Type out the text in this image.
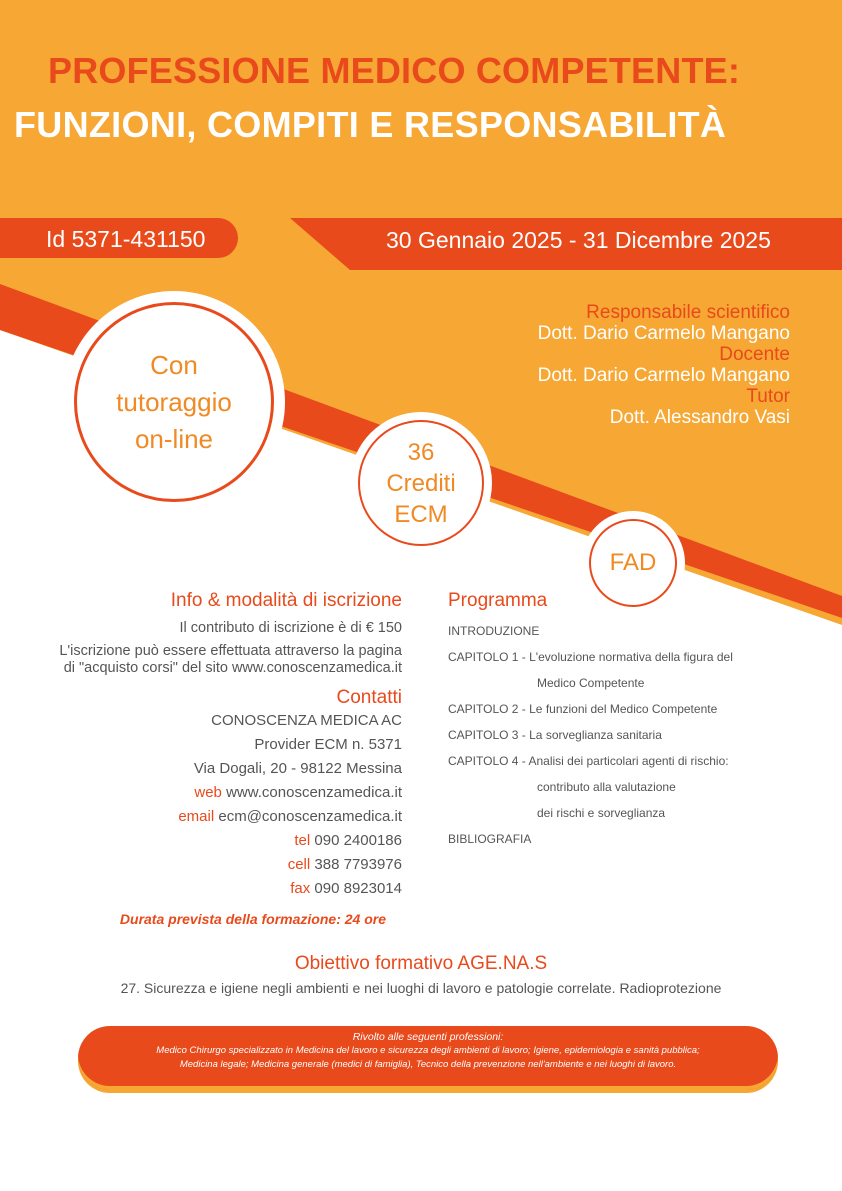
PROFESSIONE MEDICO COMPETENTE:
FUNZIONI, COMPITI E RESPONSABILITÀ
Id 5371-431150	30 Gennaio 2025 - 31 Dicembre 2025
Responsabile scientifico
Dott. Dario Carmelo Mangano
Docente
Dott. Dario Carmelo Mangano
Tutor
Dott. Alessandro Vasi
Con
tutoraggio
on-line	36
Crediti
ECM
FAD
Info & modalità di iscrizione
Il contributo di iscrizione è di € 150
L'iscrizione può essere effettuata attraverso la pagina
di "acquisto corsi" del sito www.conoscenzamedica.it
Contatti
CONOSCENZA MEDICA AC
Provider ECM n. 5371
Via Dogali, 20 - 98122 Messina
web www.conoscenzamedica.it
email ecm@conoscenzamedica.it
tel 090 2400186
cell 388 7793976
fax 090 8923014
Durata prevista della formazione: 24 ore
Programma
INTRODUZIONE
CAPITOLO 1 - L'evoluzione normativa della figura del
Medico Competente
CAPITOLO 2 - Le funzioni del Medico Competente
CAPITOLO 3 - La sorveglianza sanitaria
CAPITOLO 4 - Analisi dei particolari agenti di rischio:
contributo alla valutazione
dei rischi e sorveglianza
BIBLIOGRAFIA
Obiettivo formativo AGE.NA.S
27. Sicurezza e igiene negli ambienti e nei luoghi di lavoro e patologie correlate. Radioprotezione
Rivolto alle seguenti professioni:
Medico Chirurgo specializzato in Medicina del lavoro e sicurezza degli ambienti di lavoro; Igiene, epidemiologia e sanità pubblica;
Medicina legale; Medicina generale (medici di famiglia), Tecnico della prevenzione nell'ambiente e nei luoghi di lavoro.
